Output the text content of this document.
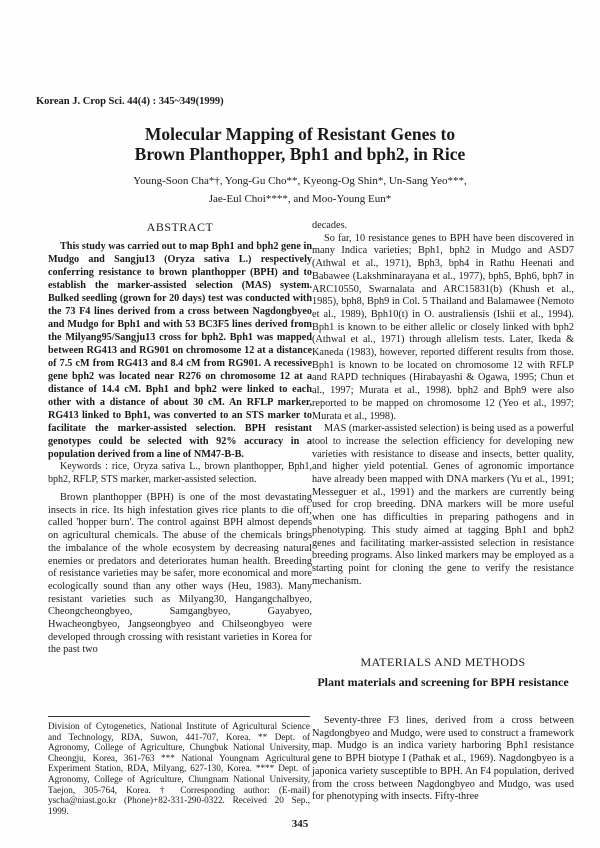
Korean J. Crop Sci. 44(4) : 345~349(1999)
Molecular Mapping of Resistant Genes to
Brown Planthopper, Bph1 and bph2, in Rice
Young-Soon Cha*†, Yong-Gu Cho**, Kyeong-Og Shin*, Un-Sang Yeo***,
Jae-Eul Choi****, and Moo-Young Eun*
ABSTRACT

This study was carried out to map Bph1 and bph2 gene in Mudgo and Sangju13 (Oryza sativa L.) respectively conferring resistance to brown planthopper (BPH) and to establish the marker-assisted selection (MAS) system. Bulked seedling (grown for 20 days) test was conducted with the 73 F4 lines derived from a cross between Nagdongbyeo and Mudgo for Bph1 and with 53 BC3F5 lines derived from the Milyang95/Sangju13 cross for bph2. Bph1 was mapped between RG413 and RG901 on chromosome 12 at a distance of 7.5 cM from RG413 and 8.4 cM from RG901. A recessive gene bph2 was located near R276 on chromosome 12 at a distance of 14.4 cM. Bph1 and bph2 were linked to each other with a distance of about 30 cM. An RFLP marker, RG413 linked to Bph1, was converted to an STS marker to facilitate the marker-assisted selection. BPH resistant genotypes could be selected with 92% accuracy in a population derived from a line of NM47-B-B.

Keywords : rice, Oryza sativa L., brown planthopper, Bph1, bph2, RFLP, STS marker, marker-assisted selection.

Brown planthopper (BPH) is one of the most devastating insects in rice. Its high infestation gives rice plants to die off, called 'hopper burn'. The control against BPH almost depends on agricultural chemicals. The abuse of the chemicals brings the imbalance of the whole ecosystem by decreasing natural enemies or predators and deteriorates human health. Breeding of resistance varieties may be safer, more economical and more ecologically sound than any other ways (Heu, 1983). Many resistant varieties such as Milyang30, Hangangchalbyeo, Cheongcheongbyeo, Samgangbyeo, Gayabyeo, Hwacheongbyeo, Jangseongbyeo and Chilseongbyeo were developed through crossing with resistant varieties in Korea for the past two

Division of Cytogenetics, National Institute of Agricultural Science and Technology, RDA, Suwon, 441-707, Korea. ** Dept. of Agronomy, College of Agriculture, Chungbuk National University, Cheongju, Korea, 361-763 *** National Youngnam Agricultural Experiment Station, RDA, Milyang, 627-130, Korea. **** Dept. of Agronomy, College of Agriculture, Chungnam National University, Taejon, 305-764, Korea. † Corresponding author: (E-mail) yscha@niast.go.kr (Phone)+82-331-290-0322. Received 20 Sep., 1999.

decades.

So far, 10 resistance genes to BPH have been discovered in many Indica varieties; Bph1, bph2 in Mudgo and ASD7 (Athwal et al., 1971), Bph3, bph4 in Rathu Heenati and Babawee (Lakshminarayana et al., 1977), bph5, Bph6, bph7 in ARC10550, Swarnalata and ARC15831(b) (Khush et al., 1985), bph8, Bph9 in Col. 5 Thailand and Balamawee (Nemoto et al., 1989), Bph10(t) in O. australiensis (Ishii et al., 1994). Bph1 is known to be either allelic or closely linked with bph2 (Athwal et al., 1971) through allelism tests. Later, Ikeda & Kaneda (1983), however, reported different results from those. Bph1 is known to be located on chromosome 12 with RFLP and RAPD techniques (Hirabayashi & Ogawa, 1995; Chun et al., 1997; Murata et al., 1998). bph2 and Bph9 were also reported to be mapped on chromosome 12 (Yeo et al., 1997; Murata et al., 1998).

MAS (marker-assisted selection) is being used as a powerful tool to increase the selection efficiency for developing new varieties with resistance to disease and insects, better quality, and higher yield potential. Genes of agronomic importance have already been mapped with DNA markers (Yu et al., 1991; Messeguer et al., 1991) and the markers are currently being used for crop breeding. DNA markers will be more useful when one has difficulties in preparing pathogens and in phenotyping. This study aimed at tagging Bph1 and bph2 genes and facilitating marker-assisted selection in resistance breeding programs. Also linked markers may be employed as a starting point for cloning the gene to verify the resistance mechanism.

MATERIALS AND METHODS
Plant materials and screening for BPH resistance

Seventy-three F3 lines, derived from a cross between Nagdongbyeo and Mudgo, were used to construct a framework map. Mudgo is an indica variety harboring Bph1 resistance gene to BPH biotype I (Pathak et al., 1969). Nagdongbyeo is a japonica variety susceptible to BPH. An F4 population, derived from the cross between Nagdongbyeo and Mudgo, was used for phenotyping with insects. Fifty-three

345
